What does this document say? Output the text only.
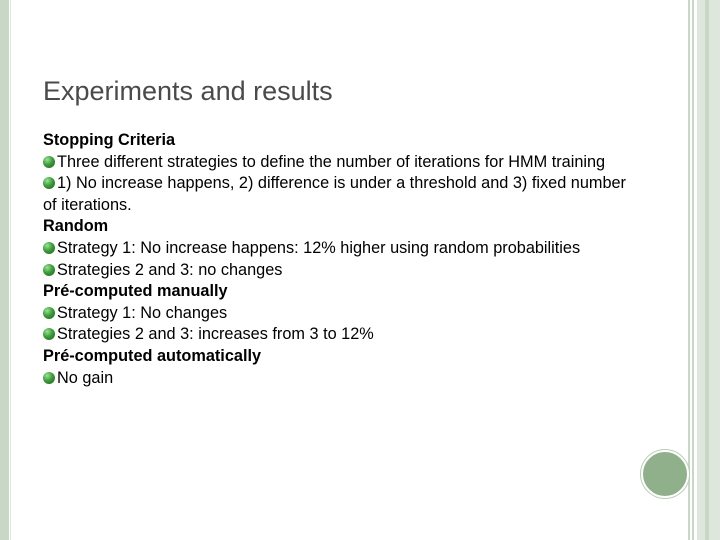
Experiments and results
Stopping Criteria
Three different strategies to define the number of iterations for HMM training
1) No increase happens, 2) difference is under a threshold and 3) fixed number of iterations.
Random
Strategy 1: No increase happens: 12% higher using random probabilities
Strategies 2 and 3: no changes
Pré-computed manually
Strategy 1: No changes
Strategies 2 and 3: increases from 3 to 12%
Pré-computed automatically
No gain
